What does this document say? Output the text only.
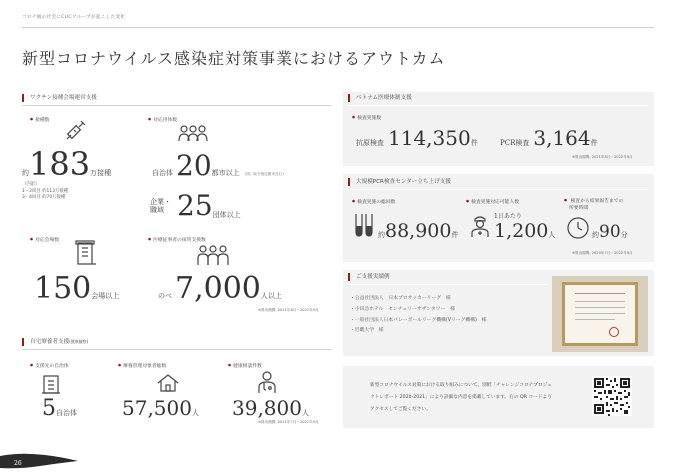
コロナ禍の社会にCUCグループが起こした変化
新型コロナウイルス感染症対策事業におけるアウトカム
ワクチン接種会場運営支援
● 接種数
約 183 万接種
（内訳）
1・2回目 約113万接種
3・4回目 約70万接種
● 対応団体数
自治体 20 都市以上 （国、政令指定都市含む）
企業・
職域 25 団体以上
● 対応会場数
150 会場以上
● 医療従事者の採用支援数
のべ 7,000 人以上
※算出期間: 2021年6月〜2022年9月
自宅療養者支援(健康観察)
● 支援先の自治体
5 自治体
● 療養管理対象者総数
57,500 人
● 健康相談件数
39,800 人
※算出期間: 2021年7月〜2021年9月
ベトナム医療体制支援
● 検査実施数
抗原検査 114,350 件	PCR検査 3,164 件
※算出期間: 2021年8月〜2022年9月
大規模PCR検査センター立ち上げ支援
● 検査実施の総回数
約 88,900 件
● 検査実施対応可能人数
1日あたり
1,200 人
● 検査から結果報告までの
所要時間
約 90 分
※算出期間: 2020年7月〜2022年9月
ご支援実績例
・公益社団法人　日本プロサッカーリーグ　様
・小田急ホテル　センチュリーサザンタワー　様
・一般社団法人日本バレーボールリーグ機構(Vリーグ機構)　様
・近畿大学　様
新型コロナウイルス対策における取り組みについて、別紙「チャレンジコロナプロジェ
クトレポート 2020-2021」により詳細な内容を掲載しています。右の QR コードより
アクセスしてご覧ください。
26
